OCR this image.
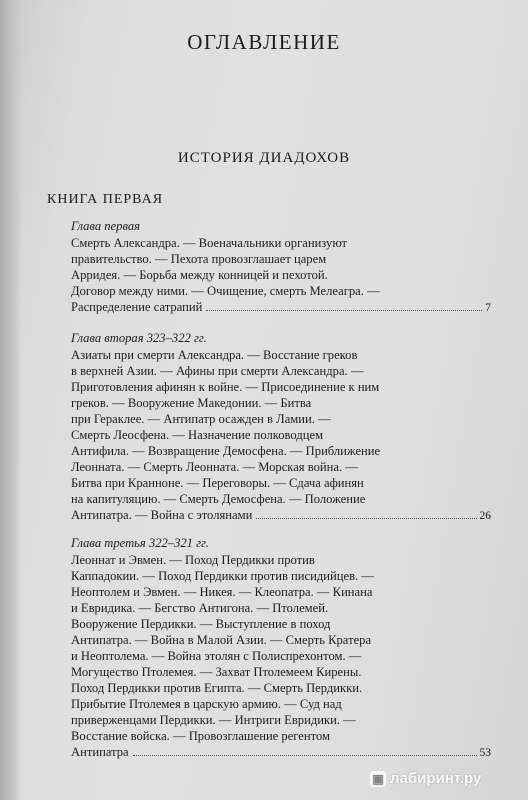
ОГЛАВЛЕНИЕ
ИСТОРИЯ ДИАДОХОВ
КНИГА ПЕРВАЯ
Глава первая
Смерть Александра. — Военачальники организуют
правительство. — Пехота провозглашает царем
Арридея. — Борьба между конницей и пехотой.
Договор между ними. — Очищение, смерть Мелеагра. —
Распределение сатрапий	7
Глава вторая 323–322 гг.
Азиаты при смерти Александра. — Восстание греков
в верхней Азии. — Афины при смерти Александра. —
Приготовления афинян к войне. — Присоединение к ним
греков. — Вооружение Македонии. — Битва
при Гераклее. — Антипатр осажден в Ламии. —
Смерть Леосфена. — Назначение полководцем
Антифила. — Возвращение Демосфена. — Приближение
Леонната. — Смерть Леонната. — Морская война. —
Битва при Кранноне. — Переговоры. — Сдача афинян
на капитуляцию. — Смерть Демосфена. — Положение
Антипатра. — Война с этолянами	26
Глава третья 322–321 гг.
Леоннат и Эвмен. — Поход Пердикки против
Каппадокии. — Поход Пердикки против писидийцев. —
Неоптолем и Эвмен. — Никея. — Клеопатра. — Кинана
и Евридика. — Бегство Антигона. — Птолемей.
Вооружение Пердикки. — Выступление в поход
Антипатра. — Война в Малой Азии. — Смерть Кратера
и Неоптолема. — Война этолян с Полиспрехонтом. —
Могущество Птолемея. — Захват Птолемеем Кирены.
Поход Пердикки против Египта. — Смерть Пердикки.
Прибытие Птолемея в царскую армию. — Суд над
приверженцами Пердикки. — Интриги Евридики. —
Восстание войска. — Провозглашение регентом
Антипатра	53
▣ лабиринт.ру
